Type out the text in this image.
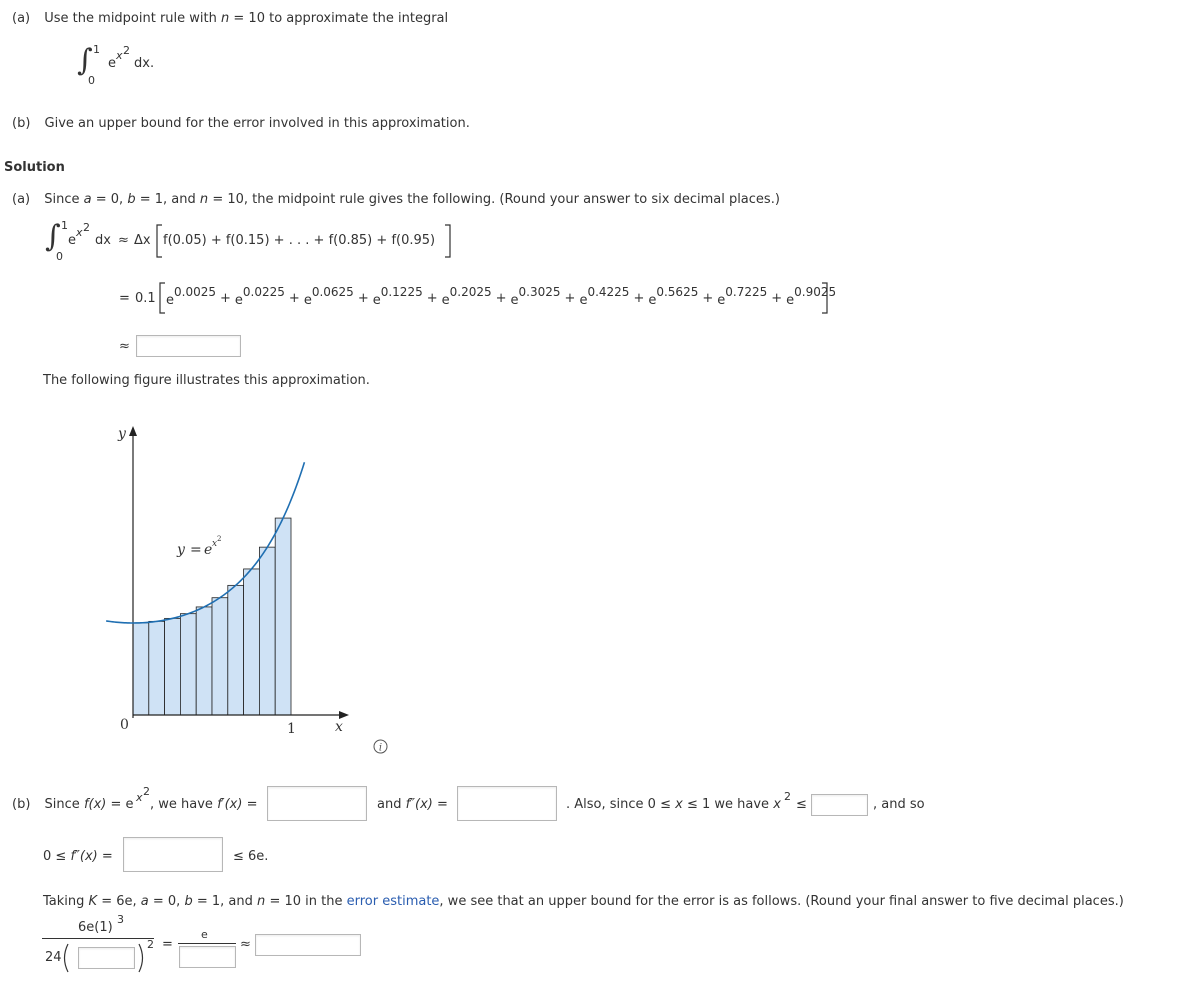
(a) Use the midpoint rule with n = 10 to approximate the integral
∫ 1
0
e
x 2
dx.
(b) Give an upper bound for the error involved in this approximation.
Solution
(a) Since a = 0, b = 1, and n = 10, the midpoint rule gives the following. (Round your answer to six decimal places.)
∫ 1
0
e
x 2
dx ≈ Δx f(0.05) + f(0.15) + . . . + f(0.85) + f(0.95)
= 0.1 e0.0025 + e0.0225 + e0.0625 + e0.1225 + e0.2025 + e0.3025 + e0.4225 + e0.5625 + e0.7225 + e0.9025
≈
The following figure illustrates this approximation.
y
x
0	1
y = e x 2
i
(b) Since f(x) = e x 2
, we have f′(x) =	and f″(x) =	. Also, since 0 ≤ x ≤ 1 we have x
2
≤	, and so
0 ≤ f″(x) =	≤ 6e.
Taking K = 6e, a = 0, b = 1, and n = 10 in the error estimate, we see that an upper bound for the error is as follows. (Round your final answer to five decimal places.)
6e(1)
3
24
2 =
e
≈
